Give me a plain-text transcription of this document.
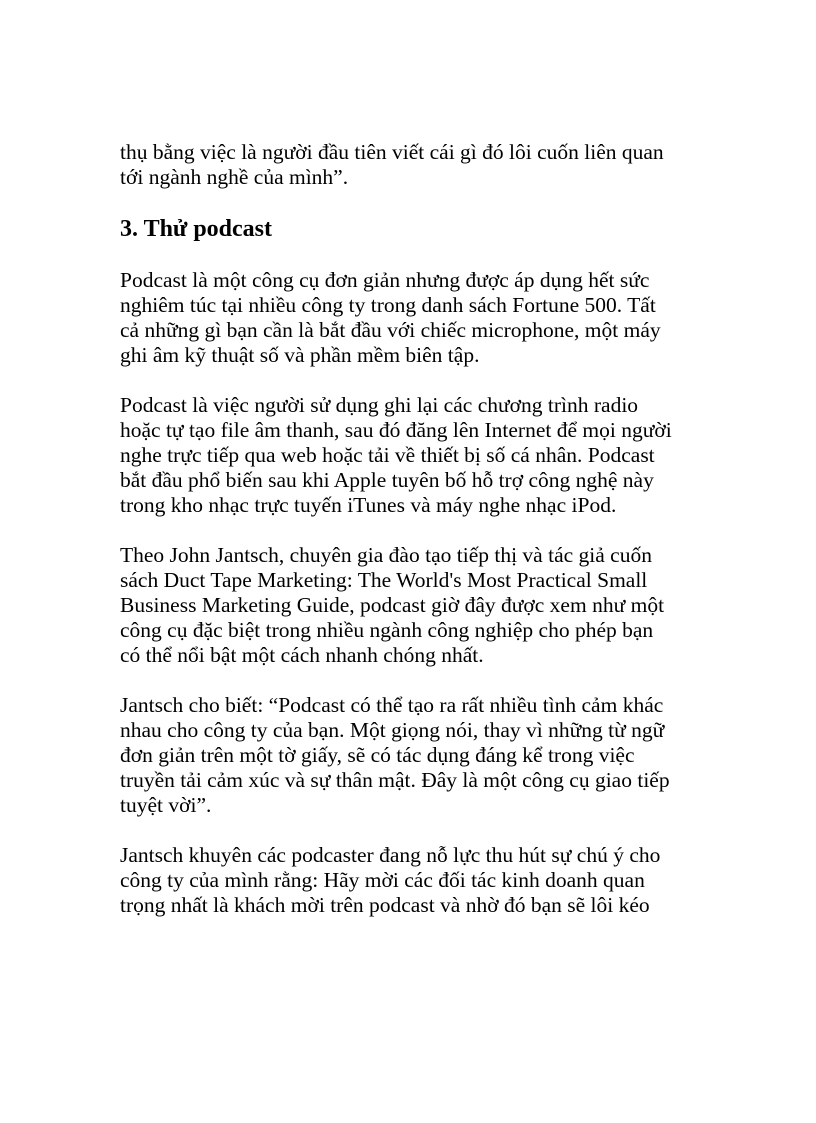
thụ bằng việc là người đầu tiên viết cái gì đó lôi cuốn liên quan
tới ngành nghề của mình”.
3. Thử podcast
Podcast là một công cụ đơn giản nhưng được áp dụng hết sức
nghiêm túc tại nhiều công ty trong danh sách Fortune 500. Tất
cả những gì bạn cần là bắt đầu với chiếc microphone, một máy
ghi âm kỹ thuật số và phần mềm biên tập.
Podcast là việc người sử dụng ghi lại các chương trình radio
hoặc tự tạo file âm thanh, sau đó đăng lên Internet để mọi người
nghe trực tiếp qua web hoặc tải về thiết bị số cá nhân. Podcast
bắt đầu phổ biến sau khi Apple tuyên bố hỗ trợ công nghệ này
trong kho nhạc trực tuyến iTunes và máy nghe nhạc iPod.
Theo John Jantsch, chuyên gia đào tạo tiếp thị và tác giả cuốn
sách Duct Tape Marketing: The World's Most Practical Small
Business Marketing Guide, podcast giờ đây được xem như một
công cụ đặc biệt trong nhiều ngành công nghiệp cho phép bạn
có thể nổi bật một cách nhanh chóng nhất.
Jantsch cho biết: “Podcast có thể tạo ra rất nhiều tình cảm khác
nhau cho công ty của bạn. Một giọng nói, thay vì những từ ngữ
đơn giản trên một tờ giấy, sẽ có tác dụng đáng kể trong việc
truyền tải cảm xúc và sự thân mật. Đây là một công cụ giao tiếp
tuyệt vời”.
Jantsch khuyên các podcaster đang nỗ lực thu hút sự chú ý cho
công ty của mình rằng: Hãy mời các đối tác kinh doanh quan
trọng nhất là khách mời trên podcast và nhờ đó bạn sẽ lôi kéo
